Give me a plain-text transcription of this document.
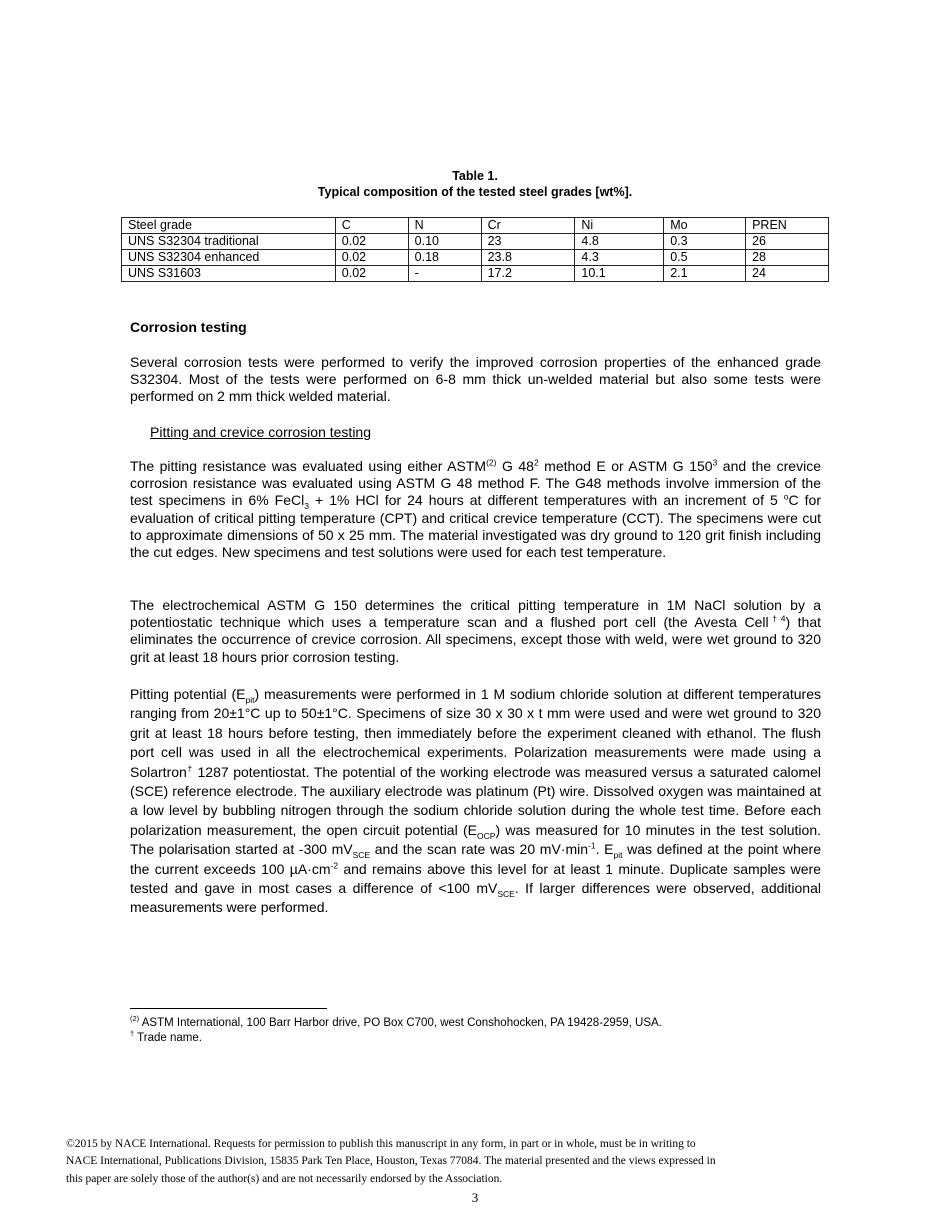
Table 1.
Typical composition of the tested steel grades [wt%].
Steel grade	C	N	Cr	Ni	Mo	PREN
UNS S32304 traditional	0.02	0.10	23	4.8	0.3	26
UNS S32304 enhanced	0.02	0.18	23.8	4.3	0.5	28
UNS S31603	0.02	-	17.2	10.1	2.1	24
Corrosion testing

Several corrosion tests were performed to verify the improved corrosion properties of the enhanced grade S32304. Most of the tests were performed on 6-8 mm thick un-welded material but also some tests were performed on 2 mm thick welded material.

Pitting and crevice corrosion testing

The pitting resistance was evaluated using either ASTM$^{(2)}$ G $48^2$ method E or ASTM G $150^3$ and the crevice corrosion resistance was evaluated using ASTM G 48 method F. The G48 methods involve immersion of the test specimens in 6% FeCl$_3$ + 1% HCl for 24 hours at different temperatures with an increment of 5 $^o$C for evaluation of critical pitting temperature (CPT) and critical crevice temperature (CCT). The specimens were cut to approximate dimensions of 50 x 25 mm. The material investigated was dry ground to 120 grit finish including the cut edges. New specimens and test solutions were used for each test temperature.

The electrochemical ASTM G 150 determines the critical pitting temperature in 1M NaCl solution by a potentiostatic technique which uses a temperature scan and a flushed port cell (the Avesta Cell$^{\dagger 4}$) that eliminates the occurrence of crevice corrosion. All specimens, except those with weld, were wet ground to 320 grit at least 18 hours prior corrosion testing.

Pitting potential $(E_{pit})$ measurements were performed in 1 M sodium chloride solution at different temperatures ranging from 20±1°C up to 50±1°C. Specimens of size 30 x 30 x t mm were used and were wet ground to 320 grit at least 18 hours before testing, then immediately before the experiment cleaned with ethanol. The flush port cell was used in all the electrochemical experiments. Polarization measurements were made using a Solartron† 1287 potentiostat. The potential of the working electrode was measured versus a saturated calomel (SCE) reference electrode. The auxiliary electrode was platinum (Pt) wire. Dissolved oxygen was maintained at a low level by bubbling nitrogen through the sodium chloride solution during the whole test time. Before each polarization measurement, the open circuit potential $(E_{OCP})$ was measured for 10 minutes in the test solution. The polarisation started at -300 $mV_{SCE}$ and the scan rate was 20 $mV\cdot\min^{-1}$. $E_{pit}$ was defined at the point where the current exceeds 100 $\mu A\cdot cm^{-2}$ and remains above this level for at least 1 minute. Duplicate samples were tested and gave in most cases a difference of <100 $mV_{SCE}$. If larger differences were observed, additional measurements were performed.

$^{(2)}$ ASTM International, 100 Barr Harbor drive, PO Box C700, west Conshohocken, PA 19428-2959, USA.
† Trade name.
©2015 by NACE International. Requests for permission to publish this manuscript in any form, in part or in whole, must be in writing to
NACE International, Publications Division, 15835 Park Ten Place, Houston, Texas 77084. The material presented and the views expressed in
this paper are solely those of the author(s) and are not necessarily endorsed by the Association.
3
